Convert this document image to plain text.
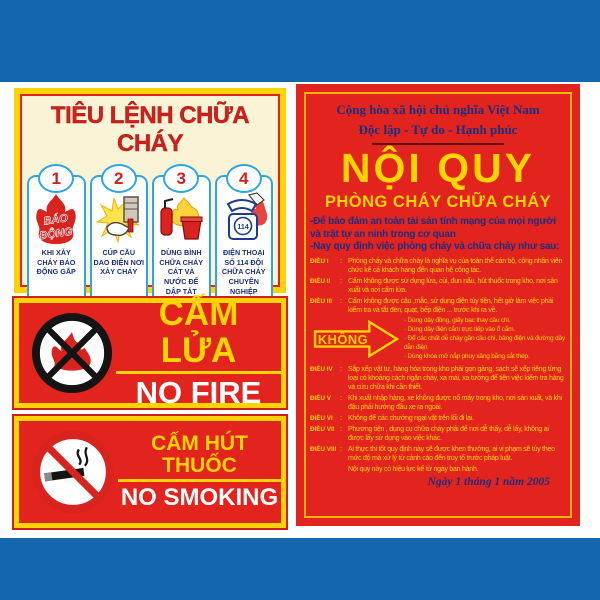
TIÊU LỆNH CHỮA CHÁY
1
BÁO
ĐỘNG
KHI XẢY CHÁY BÁO ĐỘNG GẤP
2
CÚP CẦU DAO ĐIỆN NƠI XẢY CHÁY
3
DÙNG BÌNH CHỮA CHÁY CÁT VÀ NƯỚC ĐỂ DẬP TẮT
4
114
ĐIỆN THOẠI SỐ 114 ĐỘI CHỮA CHÁY CHUYÊN NGHIỆP
CẤM LỬA
NO FIRE
CẤM HÚT THUỐC
NO SMOKING
Cộng hòa xã hội chủ nghĩa Việt Nam
Độc lập - Tự do - Hạnh phúc
NỘI QUY
PHÒNG CHÁY CHỮA CHÁY
-Để bảo đảm an toàn tài sản tính mạng của mọi người và trật tự an ninh trong cơ quan
-Nay quy định việc phòng cháy và chữa cháy như sau:
ĐIỀU I	: Phòng cháy và chữa cháy là nghĩa vụ của toàn thể cán bộ, công nhân viên chức kể cả khách hàng đến quan hệ công tác.
ĐIỀU II	: Cấm không được sử dụng lửa, củi, đun nấu, hút thuốc trong kho, nơi sản xuất và nơi cấm lửa.
ĐIỀU III	: Cấm không được câu ,mắc, sử dụng điện tùy tiện, hết giờ làm việc phải kiểm tra và tắt đèn, quạt, bếp điện ... trước khi ra về.
KHÔNG
· Dùng dây đồng, giấy bạc thay cầu chì.
· Dùng dây điện cắm trực tiếp vào ổ cắm.
· Để các chất dễ cháy gần cầu chì, bảng điện và đường dây dẫn điện
· Dùng khóa mở nắp phuy xăng bằng sắt thép.
ĐIỀU IV	: Sắp xếp vật tư, hàng hóa trong kho phải gọn gàng, sạch sẽ xếp riêng từng loại có khoảng cách ngăn cháy, xa mái, xa tường để tiện việc kiểm tra hàng và cứu chữa khi cần thiết.
ĐIỀU V	: Khi xuất nhập hàng, xe không được nổ máy trong kho, nơi sản xuất, và khi đậu phải hướng đầu xe ra ngoài.
ĐIỀU VI	: Không để các chướng ngại vật trên lối đi lại.
ĐIỀU VII : Phương tiện , dụng cụ chữa cháy phải để nơi dễ thấy, dễ lấy, không ai được lấy sử dụng vào việc khác.
ĐIỀU VIII : Ai thực thi tốt quy định này sẽ được khen thưởng, ai vi phạm sẽ tùy theo mức độ mà xử lý từ cảnh cáo đến truy tố trước pháp luật.
Nội quy này có hiệu lực kể từ ngày ban hành.
Ngày 1 tháng 1 năm 2005
